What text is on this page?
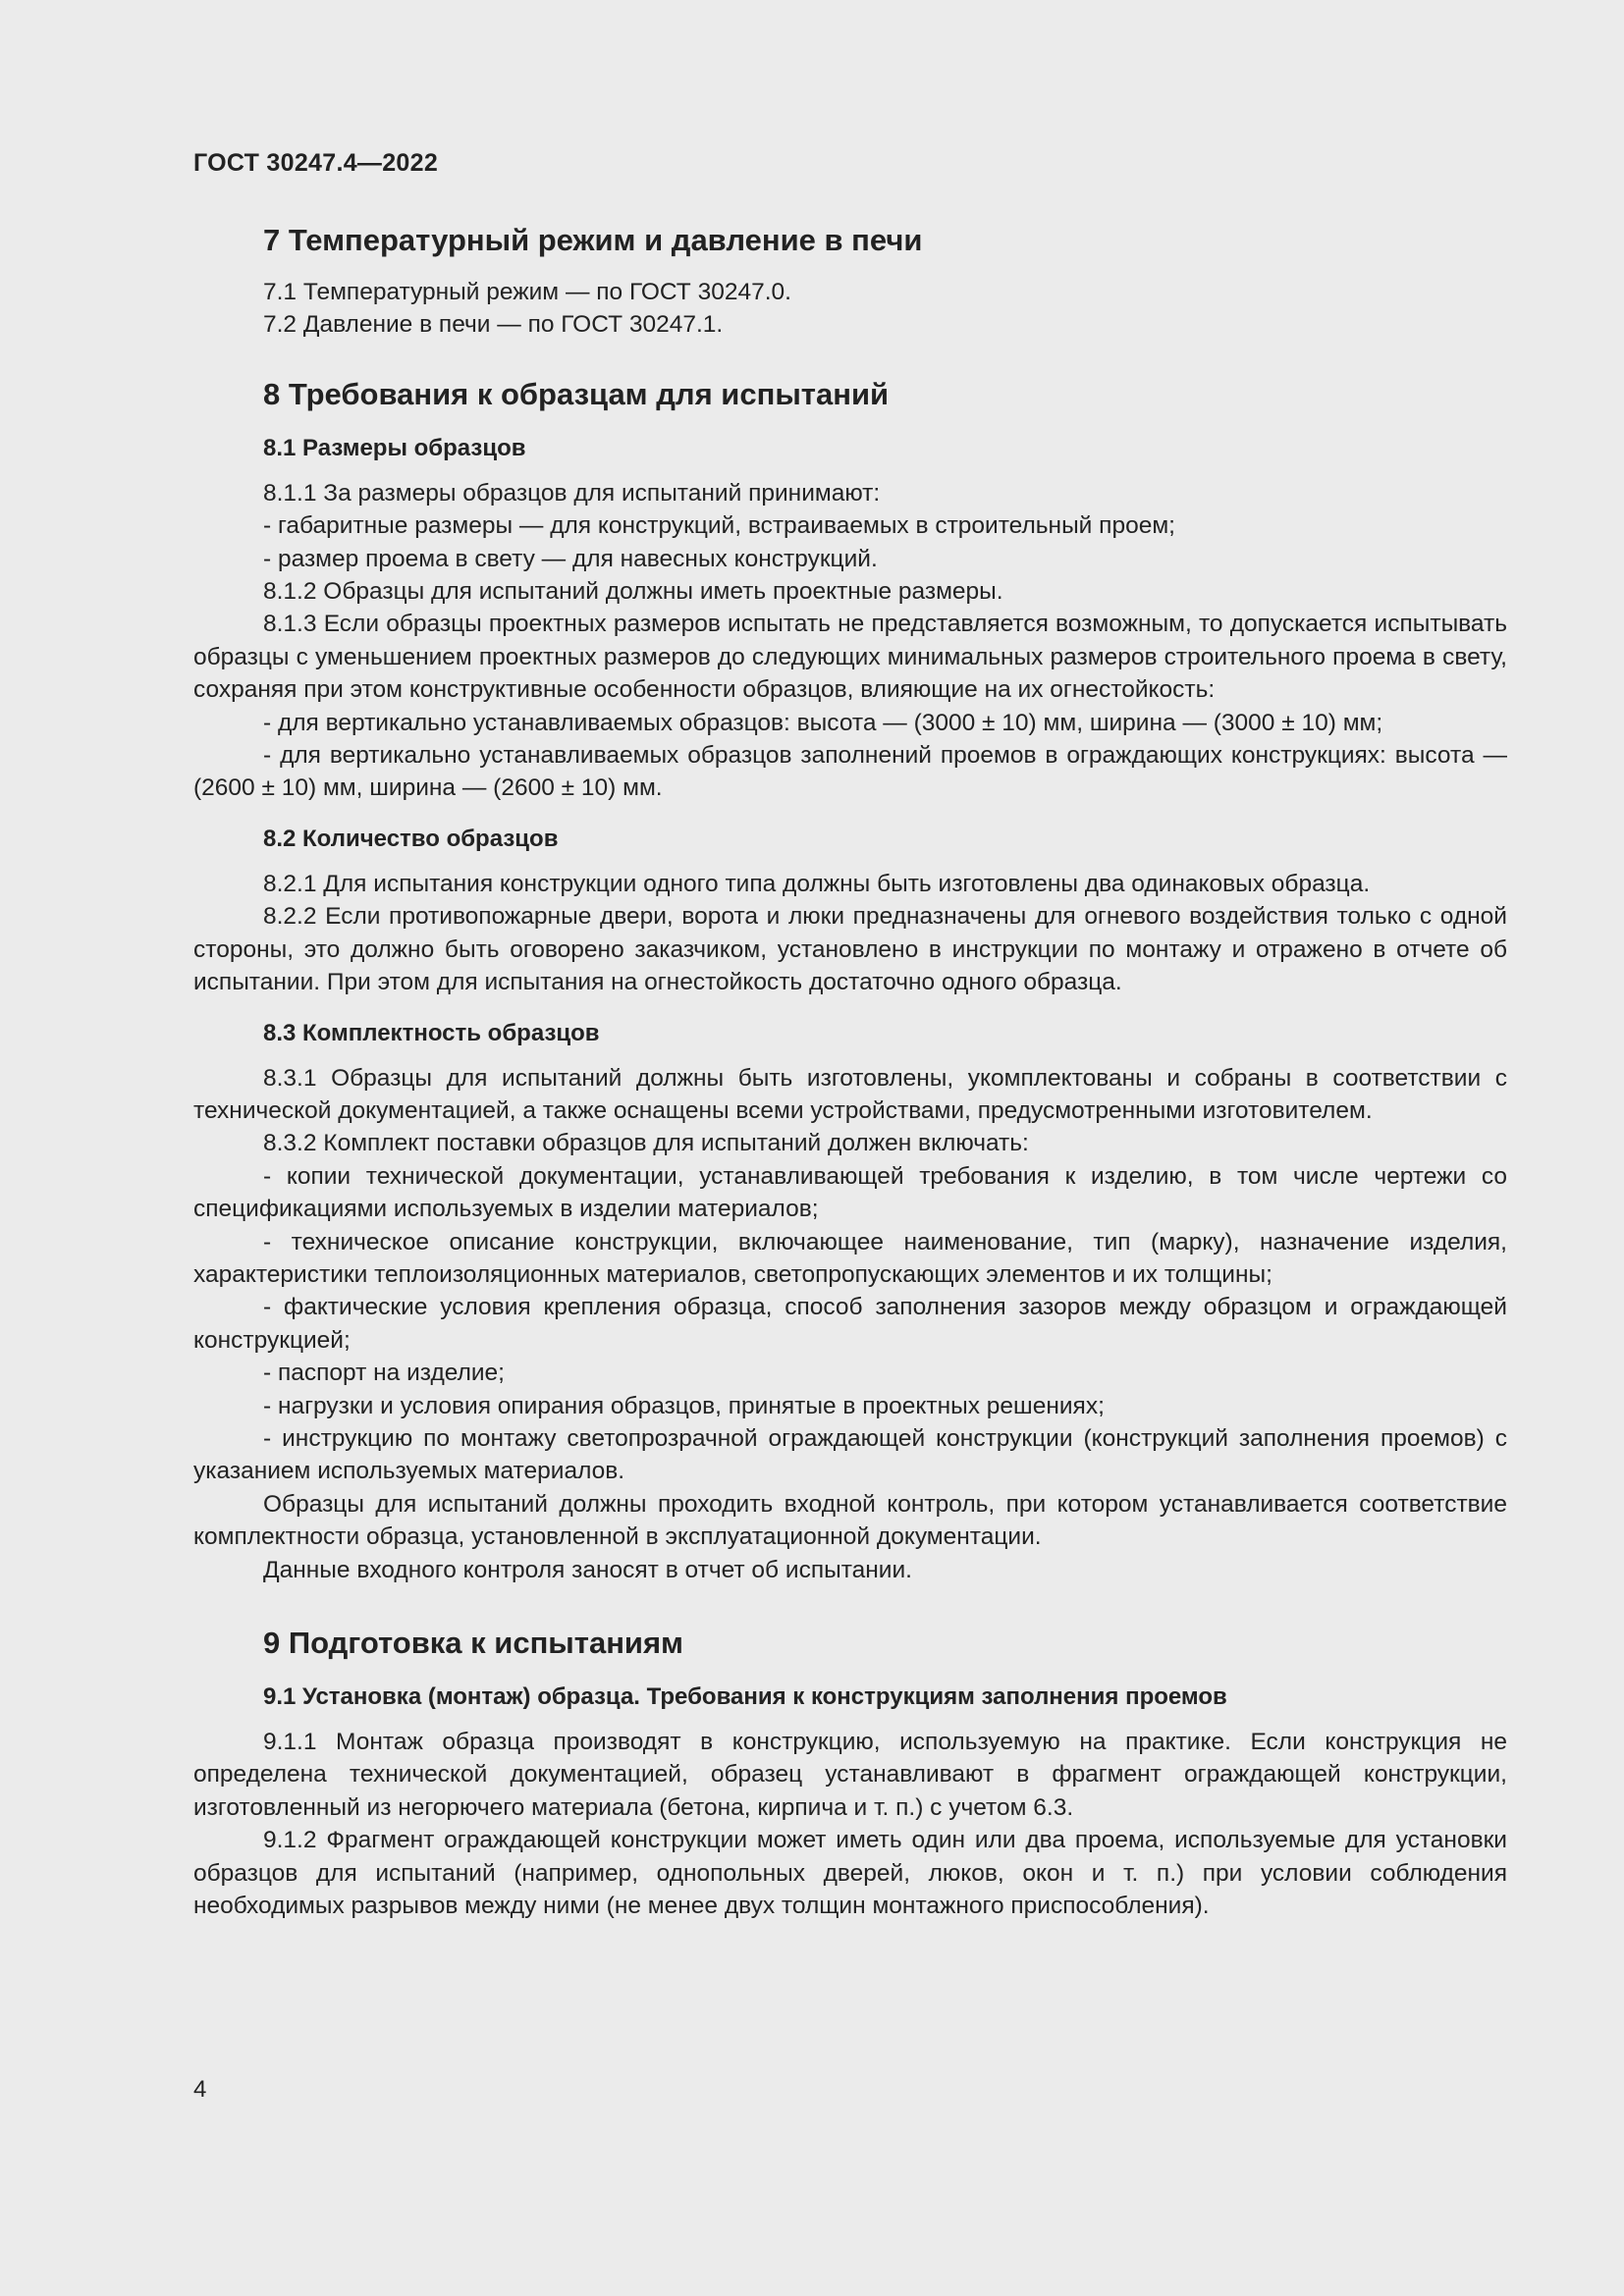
ГОСТ 30247.4—2022
7 Температурный режим и давление в печи

7.1 Температурный режим — по ГОСТ 30247.0.

7.2 Давление в печи — по ГОСТ 30247.1.

8 Требования к образцам для испытаний
8.1 Размеры образцов

8.1.1 За размеры образцов для испытаний принимают:

- габаритные размеры — для конструкций, встраиваемых в строительный проем;

- размер проема в свету — для навесных конструкций.

8.1.2 Образцы для испытаний должны иметь проектные размеры.

8.1.3 Если образцы проектных размеров испытать не представляется возможным, то допускается испытывать образцы с уменьшением проектных размеров до следующих минимальных размеров строительного проема в свету, сохраняя при этом конструктивные особенности образцов, влияющие на их огнестойкость:

- для вертикально устанавливаемых образцов: высота — (3000 ± 10) мм, ширина — (3000 ± 10) мм;

- для вертикально устанавливаемых образцов заполнений проемов в ограждающих конструкциях: высота — (2600 ± 10) мм, ширина — (2600 ± 10) мм.

8.2 Количество образцов

8.2.1 Для испытания конструкции одного типа должны быть изготовлены два одинаковых образца.

8.2.2 Если противопожарные двери, ворота и люки предназначены для огневого воздействия только с одной стороны, это должно быть оговорено заказчиком, установлено в инструкции по монтажу и отражено в отчете об испытании. При этом для испытания на огнестойкость достаточно одного образца.

8.3 Комплектность образцов

8.3.1 Образцы для испытаний должны быть изготовлены, укомплектованы и собраны в соответствии с технической документацией, а также оснащены всеми устройствами, предусмотренными изготовителем.

8.3.2 Комплект поставки образцов для испытаний должен включать:

- копии технической документации, устанавливающей требования к изделию, в том числе чертежи со спецификациями используемых в изделии материалов;

- техническое описание конструкции, включающее наименование, тип (марку), назначение изделия, характеристики теплоизоляционных материалов, светопропускающих элементов и их толщины;

- фактические условия крепления образца, способ заполнения зазоров между образцом и ограждающей конструкцией;

- паспорт на изделие;

- нагрузки и условия опирания образцов, принятые в проектных решениях;

- инструкцию по монтажу светопрозрачной ограждающей конструкции (конструкций заполнения проемов) с указанием используемых материалов.

Образцы для испытаний должны проходить входной контроль, при котором устанавливается соответствие комплектности образца, установленной в эксплуатационной документации.

Данные входного контроля заносят в отчет об испытании.

9 Подготовка к испытаниям
9.1 Установка (монтаж) образца. Требования к конструкциям заполнения проемов

9.1.1 Монтаж образца производят в конструкцию, используемую на практике. Если конструкция не определена технической документацией, образец устанавливают в фрагмент ограждающей конструкции, изготовленный из негорючего материала (бетона, кирпича и т. п.) с учетом 6.3.

9.1.2 Фрагмент ограждающей конструкции может иметь один или два проема, используемые для установки образцов для испытаний (например, однопольных дверей, люков, окон и т. п.) при условии соблюдения необходимых разрывов между ними (не менее двух толщин монтажного приспособления).

4
